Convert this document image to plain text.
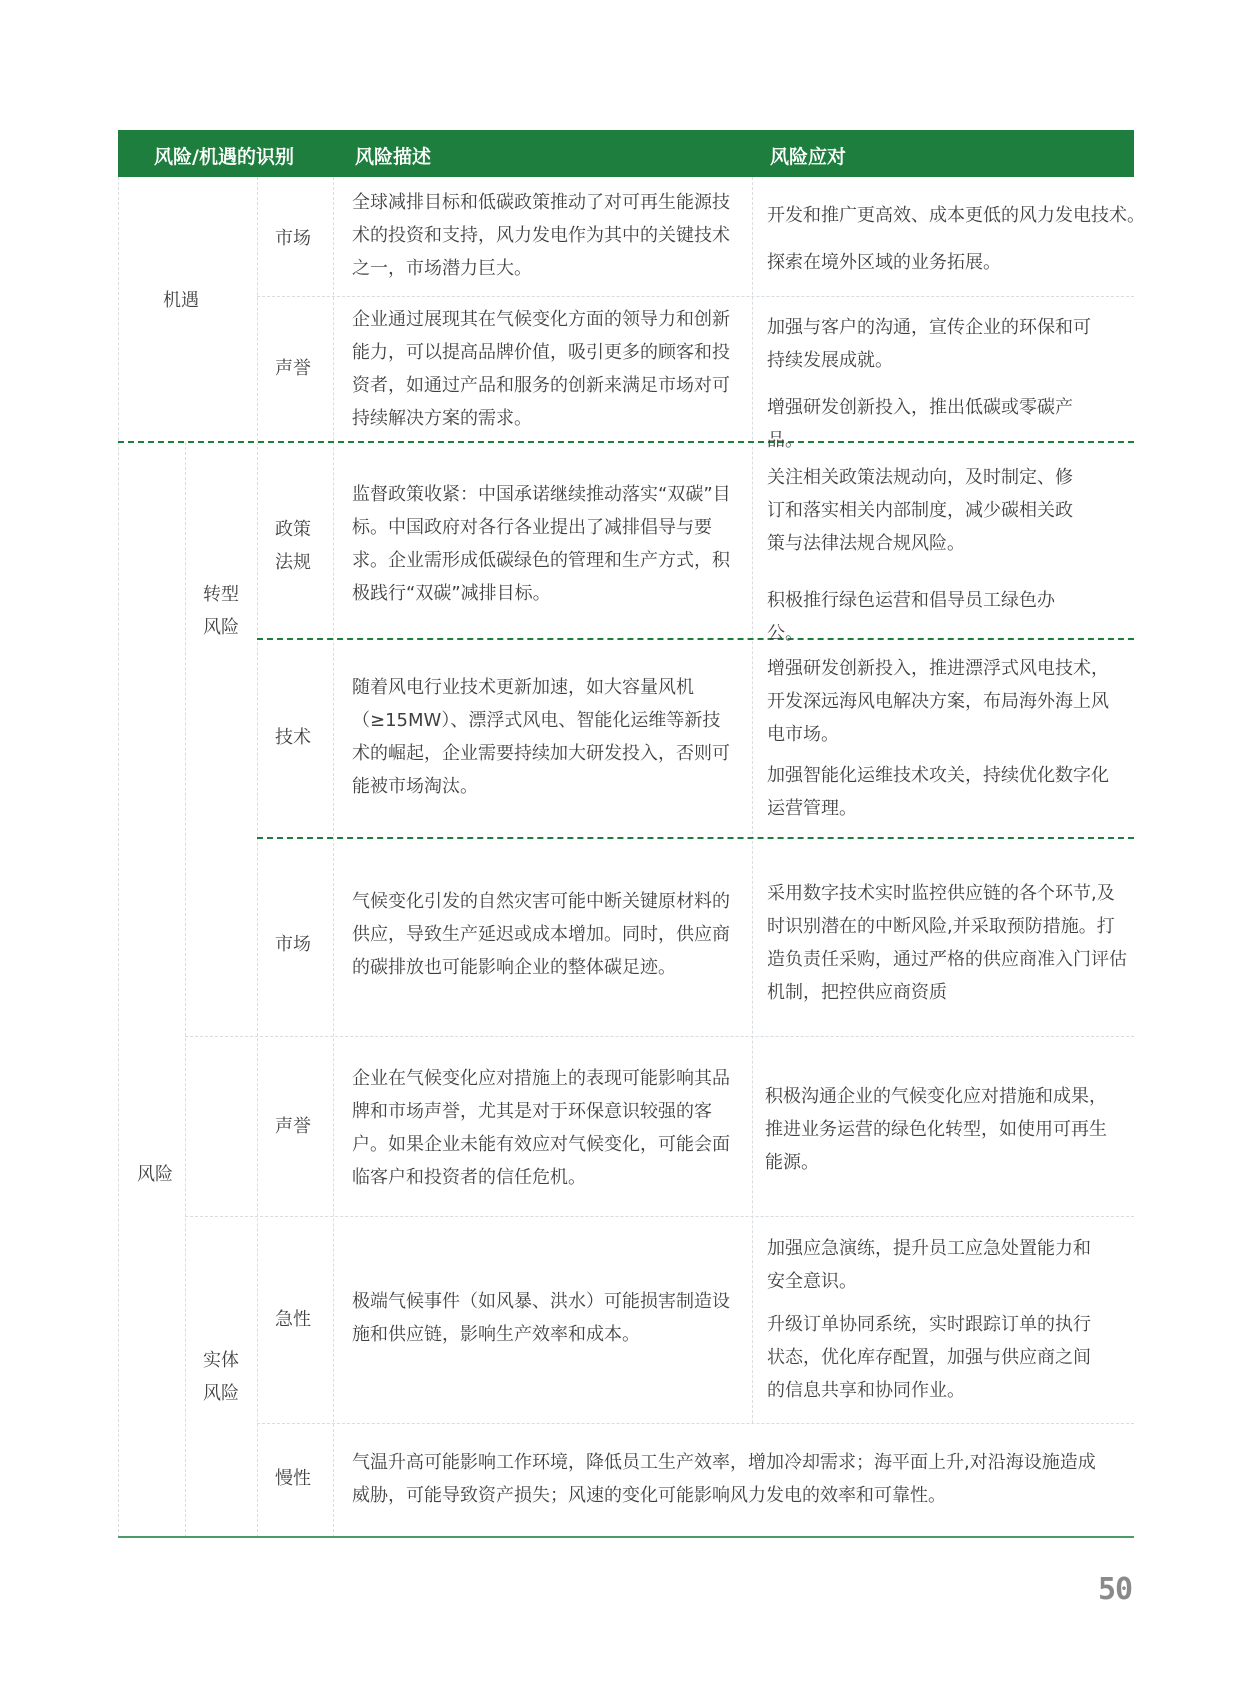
风险/机遇的识别	风险描述	风险应对
机遇
风险
转型
风险
实体
风险
市场
声誉
政策
法规
技术
市场
声誉
急性
慢性

全球减排目标和低碳政策推动了对可再生能源技术的投资和支持，风力发电作为其中的关键技术之一，市场潜力巨大。

企业通过展现其在气候变化方面的领导力和创新能力，可以提高品牌价值，吸引更多的顾客和投资者，如通过产品和服务的创新来满足市场对可持续解决方案的需求。

监督政策收紧：中国承诺继续推动落实“双碳”目标。中国政府对各行各业提出了减排倡导与要求。企业需形成低碳绿色的管理和生产方式，积极践行“双碳”减排目标。

随着风电行业技术更新加速，如大容量风机（≥15MW）、漂浮式风电、智能化运维等新技术的崛起，企业需要持续加大研发投入，否则可能被市场淘汰。

气候变化引发的自然灾害可能中断关键原材料的供应，导致生产延迟或成本增加。同时，供应商的碳排放也可能影响企业的整体碳足迹。

企业在气候变化应对措施上的表现可能影响其品牌和市场声誉，尤其是对于环保意识较强的客户。如果企业未能有效应对气候变化，可能会面临客户和投资者的信任危机。

极端气候事件（如风暴、洪水）可能损害制造设施和供应链，影响生产效率和成本。

气温升高可能影响工作环境，降低员工生产效率，增加冷却需求；海平面上升,对沿海设施造成威胁，可能导致资产损失；风速的变化可能影响风力发电的效率和可靠性。

开发和推广更高效、成本更低的风力发电技术。

探索在境外区域的业务拓展。

加强与客户的沟通，宣传企业的环保和可持续发展成就。

增强研发创新投入，推出低碳或零碳产品。

关注相关政策法规动向，及时制定、修订和落实相关内部制度，减少碳相关政策与法律法规合规风险。

积极推行绿色运营和倡导员工绿色办公。

增强研发创新投入，推进漂浮式风电技术，开发深远海风电解决方案，布局海外海上风电市场。

加强智能化运维技术攻关，持续优化数字化运营管理。

采用数字技术实时监控供应链的各个环节,及时识别潜在的中断风险,并采取预防措施。打造负责任采购，通过严格的供应商准入门评估机制，把控供应商资质

积极沟通企业的气候变化应对措施和成果，推进业务运营的绿色化转型，如使用可再生能源。

加强应急演练，提升员工应急处置能力和安全意识。

升级订单协同系统，实时跟踪订单的执行状态，优化库存配置，加强与供应商之间的信息共享和协同作业。

50
